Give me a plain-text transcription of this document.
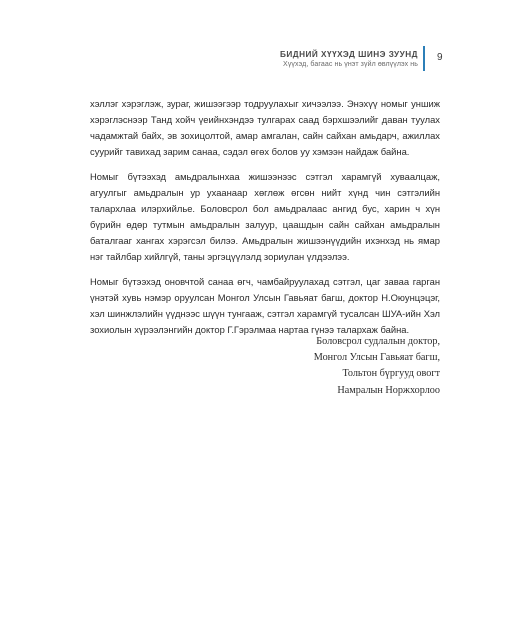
БИДНИЙ ХҮҮХЭД ШИНЭ ЗУУНД
Хүүхэд, багаас нь үнэт зүйл өвлүүлэх нь
9

хэллэг хэрэглэж, зураг, жишээгээр тодруулахыг хичээлээ. Энэхүү номыг уншиж хэрэглэснээр Танд хойч үеийнхэндээ тулгарах саад бэрхшээлийг даван туулах чадамжтай байх, эв зохицолтой, амар амгалан, сайн сайхан амьдарч, ажиллах суурийг тавихад зарим санаа, сэдэл өгөх болов уу хэмээн найдаж байна.

Номыг бүтээхэд амьдралынхаа жишээнээс сэтгэл харамгүй хуваалцаж, агуулгыг амьдралын ур ухаанаар хөглөж өгсөн нийт хүнд чин сэтгэлийн талархлаа илэрхийлье. Боловсрол бол амьдралаас ангид бус, харин ч хүн бүрийн өдөр тутмын амьдралын залуур, цаашдын сайн сайхан амьдралын баталгааг хангах хэрэгсэл билээ. Амьдралын жишээнүүдийн ихэнхэд нь ямар нэг тайлбар хийлгүй, таны эргэцүүлэлд зориулан үлдээлээ.

Номыг бүтээхэд оновчтой санаа өгч, чамбайруулахад сэтгэл, цаг заваа гарган үнэтэй хувь нэмэр оруулсан Монгол Улсын Гавьяат багш, доктор Н.Оюунцэцэг, хэл шинжлэлийн үүднээс шүүн тунгааж, сэтгэл харамгүй тусалсан ШУА-ийн Хэл зохиолын хүрээлэнгийн доктор Г.Гэрэлмаа нартаа гүнээ талархаж байна.

Боловсрол судлалын доктор,
Монгол Улсын Гавьяат багш,
Тольтон бүргууд овогт
Намралын Норжхорлоо
